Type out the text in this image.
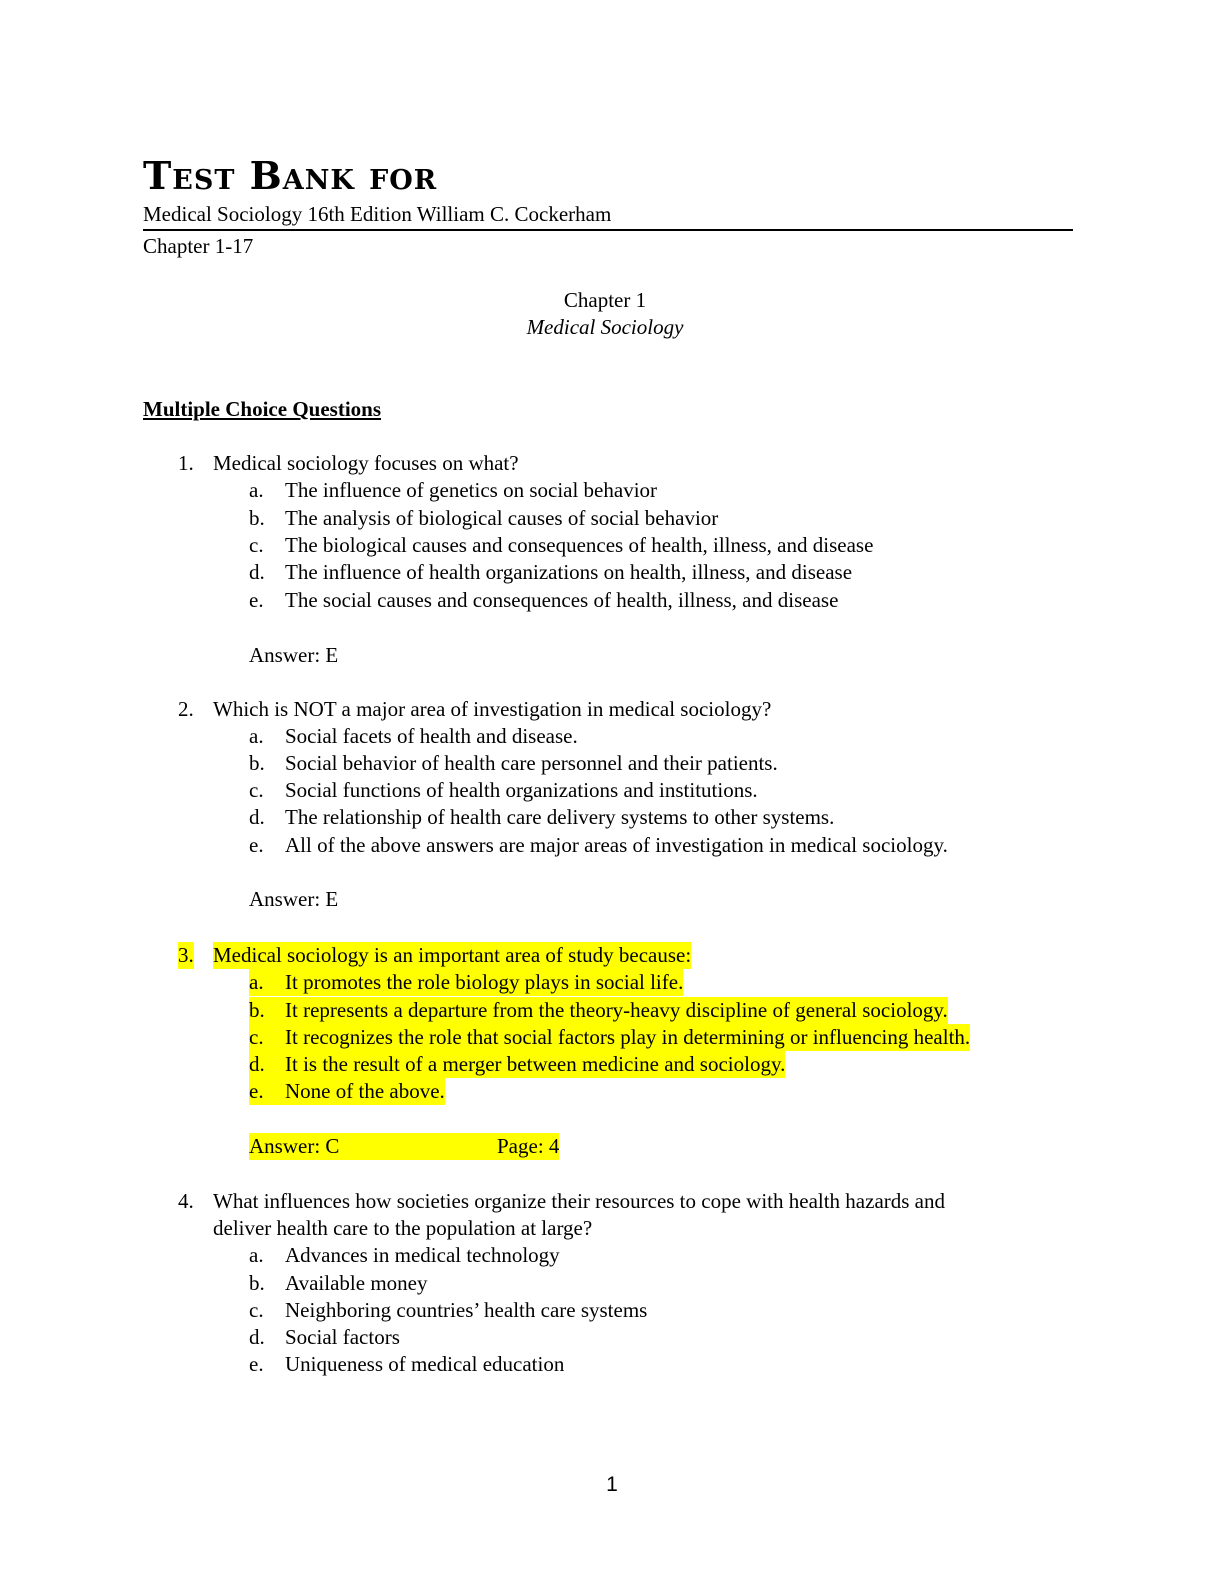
Test Bank for
Medical Sociology 16th Edition William C. Cockerham
Chapter 1-17
Chapter 1
Medical Sociology
Multiple Choice Questions
1. Medical sociology focuses on what?
a. The influence of genetics on social behavior
b. The analysis of biological causes of social behavior
c. The biological causes and consequences of health, illness, and disease
d. The influence of health organizations on health, illness, and disease
e. The social causes and consequences of health, illness, and disease
Answer: E
2. Which is NOT a major area of investigation in medical sociology?
a. Social facets of health and disease.
b. Social behavior of health care personnel and their patients.
c. Social functions of health organizations and institutions.
d. The relationship of health care delivery systems to other systems.
e. All of the above answers are major areas of investigation in medical sociology.
Answer: E
3. Medical sociology is an important area of study because:
a.	It promotes the role biology plays in social life.
b. It represents a departure from the theory-heavy discipline of general sociology.
c.	It recognizes the role that social factors play in determining or influencing health.
d. It is the result of a merger between medicine and sociology.
e.	None of the above.
Answer: C	Page: 4
4. What influences how societies organize their resources to cope with health hazards and
deliver health care to the population at large?
a. Advances in medical technology
b. Available money
c. Neighboring countries’ health care systems
d. Social factors
e. Uniqueness of medical education
1
